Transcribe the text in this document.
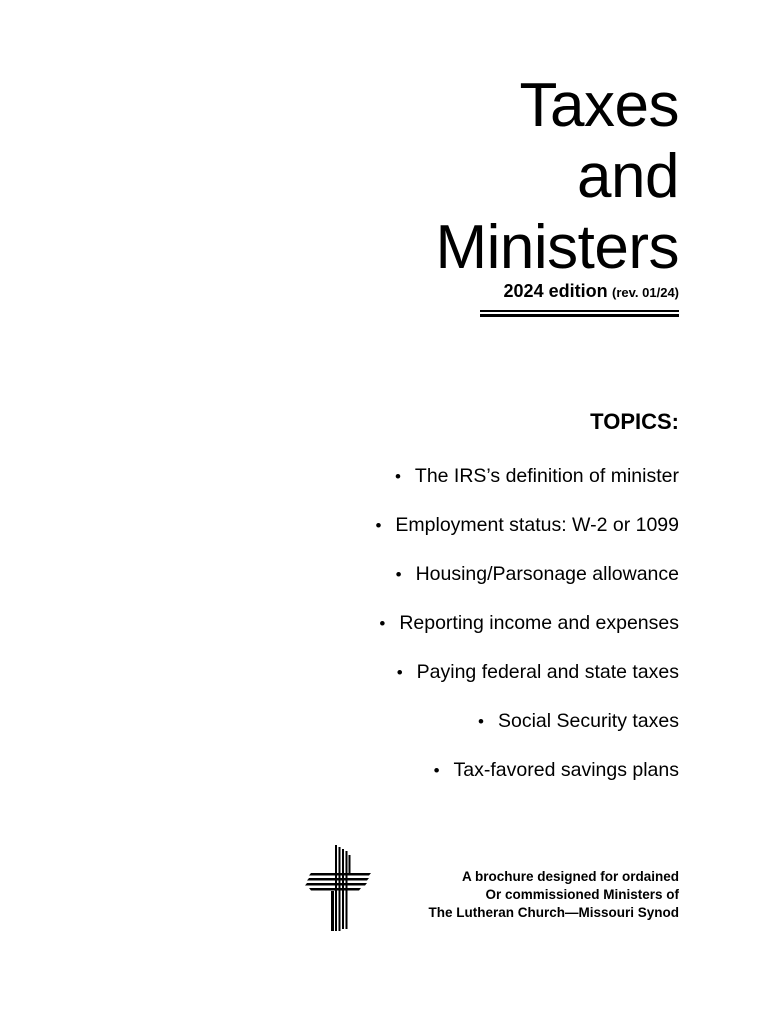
Taxes
and
Ministers
2024 edition (rev. 01/24)
TOPICS:
• The IRS’s definition of minister
• Employment status: W-2 or 1099
• Housing/Parsonage allowance
• Reporting income and expenses
• Paying federal and state taxes
• Social Security taxes
• Tax-favored savings plans
A brochure designed for ordained
Or commissioned Ministers of
The Lutheran Church—Missouri Synod
